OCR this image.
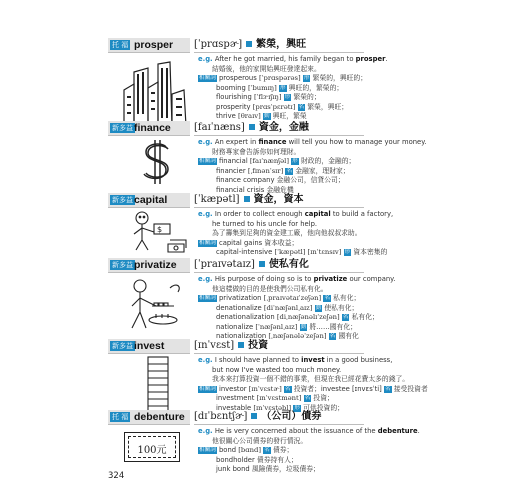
托 福 prosper [ˈprɑspɚ] 繁榮，興旺
e.g. After he got married, his family began to prosper.
結婚後，他的家開始興旺發達起來。
相關詞 prosperous [ˈprɑspərəs] 形 繁榮的，興旺的；
booming [ˈbumɪŋ] 形 興旺的，繁榮的；
flourishing [ˈflɝɪʃɪŋ] 形 繁榮的；
prosperity [prɑsˈpɛrətɪ] 名 繁榮，興旺；
thrive [θraɪv] 動 興旺，繁榮
新多益 finance [faɪˈnæns] 資金，金融
e.g. An expert in finance will tell you how to manage your money.
財務專家會告訴你如何理財。
相關詞 financial [faɪˈnænʃəl] 形 財政的，金融的；
financier [ˌfɪnənˈsɪr] 名 金融家，理財家；
finance company 金融公司，信貸公司；
financial crisis 金融危機
新多益 capital	[ˈkæpətl] 資金，資本
$
e.g. In order to collect enough capital to build a factory,
he turned to his uncle for help.
為了籌集到足夠的資金建工廠，他向他叔叔求助。
相關詞 capital gains 資本收益；
capital-intensive [ˈkæpətl] [ɪnˈtɛnsɪv] 形 資本密集的
新多益 privatize [ˈpraɪvətaɪz] 使私有化
e.g. His purpose of doing so is to privatize our company.
他這樣做的目的是使我們公司私有化。
相關詞 privatization [ˌpraɪvətaɪˈzeʃən] 名 私有化；
denationalize [diˈnæʃənlˌaɪz] 動 使私有化；
denationalization [diˌnæʃənəlɪˈzeʃən] 名 私有化；
nationalize [ˈnæʃənlˌaɪz] 動 將……國有化；
nationalization [ˌnæʃənələˈzeʃən] 名 國有化
新多益 invest	[ɪnˈvɛst] 投資
e.g. I should have planned to invest in a good business,
but now I've wasted too much money.
我本來打算投資一個不錯的事業，但現在我已經花費太多的錢了。
相關詞 investor [ɪnˈvɛstɚ] 名 投資者；investee [ɪnvɛsˈti] 名 接受投資者
investment [ɪnˈvɛstmənt] 名 投資；
investable [ɪnˈvɛstəbl] 形 可供投資的；
托 福 debenture [dɪˈbɛntʃɚ] （公司）債券
100元
e.g. He is very concerned about the issuance of the debenture.
他很關心公司債券的發行情況。
相關詞 bond [bɑnd] 名 債券；
bondholder 債券持有人；
junk bond 風險債券，垃圾債券；
324
